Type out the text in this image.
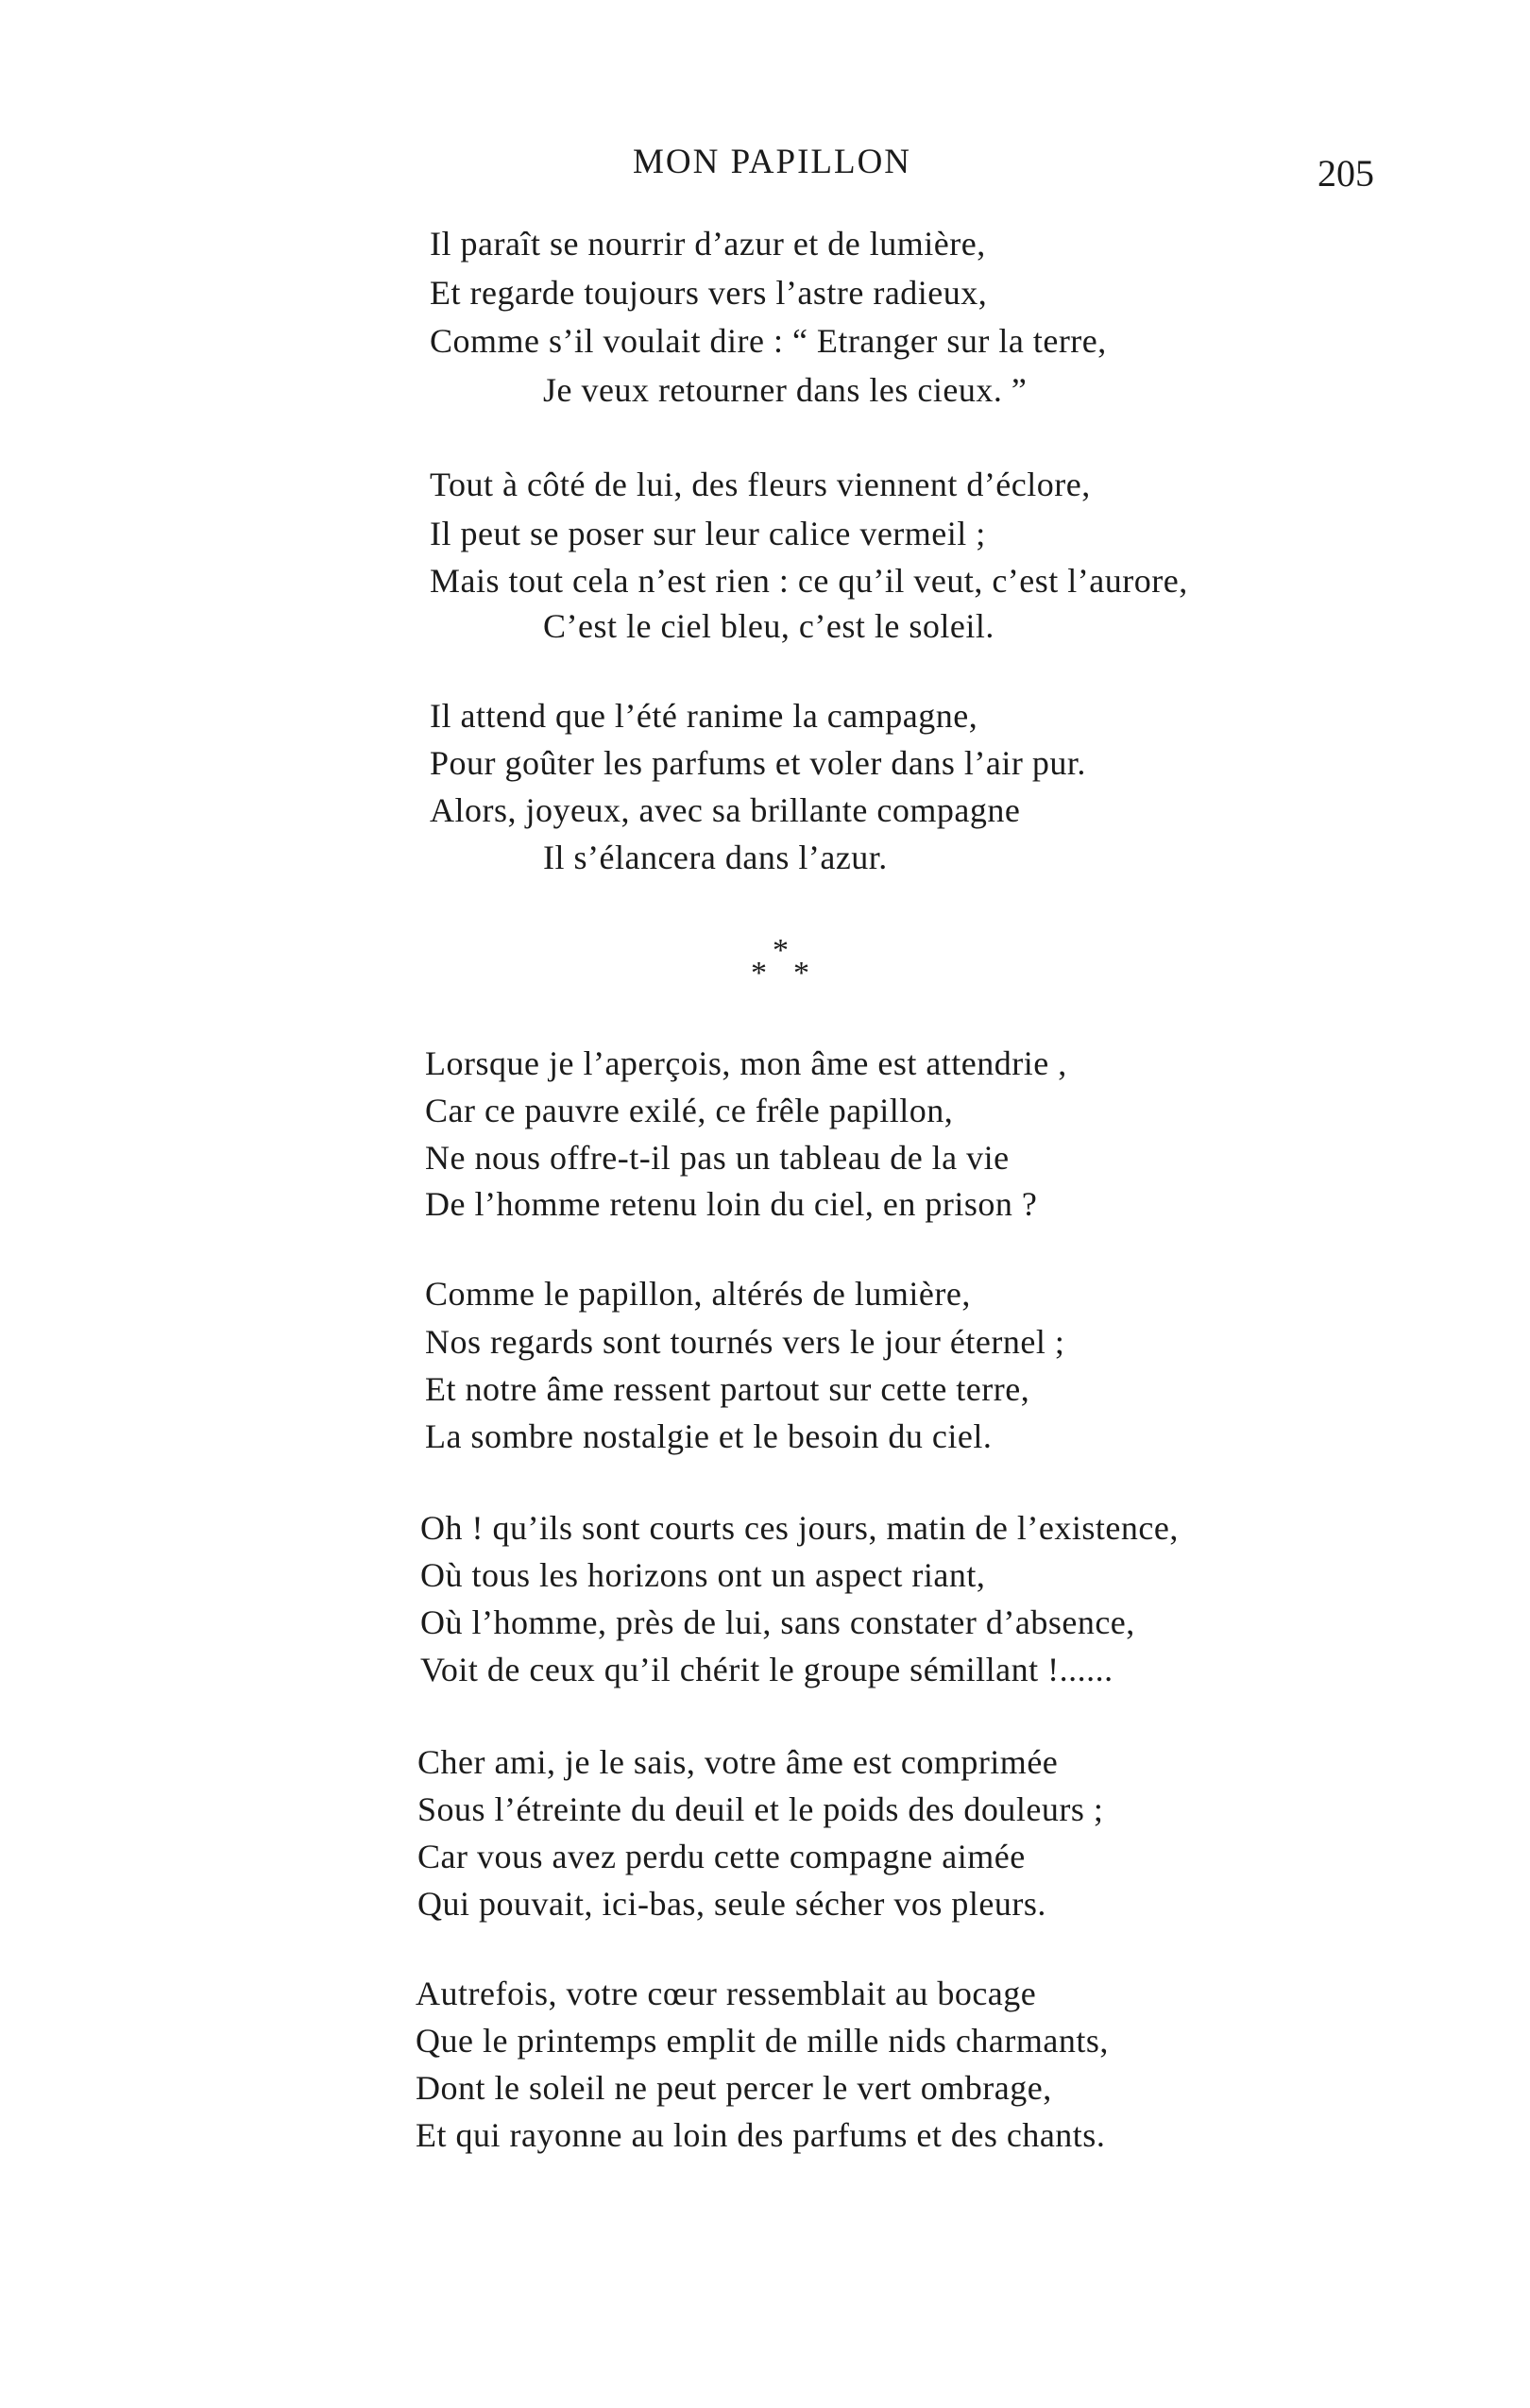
MON PAPILLON	205
Il paraît se nourrir d’azur et de lumière,
Et regarde toujours vers l’astre radieux,
Comme s’il voulait dire : “ Etranger sur la terre,
Je veux retourner dans les cieux. ”
Tout à côté de lui, des fleurs viennent d’éclore,
Il peut se poser sur leur calice vermeil ;
Mais tout cela n’est rien : ce qu’il veut, c’est l’aurore,
C’est le ciel bleu, c’est le soleil.
Il attend que l’été ranime la campagne,
Pour goûter les parfums et voler dans l’air pur.
Alors, joyeux, avec sa brillante compagne
Il s’élancera dans l’azur.
*
* *
Lorsque je l’aperçois, mon âme est attendrie ,
Car ce pauvre exilé, ce frêle papillon,
Ne nous offre-t-il pas un tableau de la vie
De l’homme retenu loin du ciel, en prison ?
Comme le papillon, altérés de lumière,
Nos regards sont tournés vers le jour éternel ;
Et notre âme ressent partout sur cette terre,
La sombre nostalgie et le besoin du ciel.
Oh ! qu’ils sont courts ces jours, matin de l’existence,
Où tous les horizons ont un aspect riant,
Où l’homme, près de lui, sans constater d’absence,
Voit de ceux qu’il chérit le groupe sémillant !......
Cher ami, je le sais, votre âme est comprimée
Sous l’étreinte du deuil et le poids des douleurs ;
Car vous avez perdu cette compagne aimée
Qui pouvait, ici-bas, seule sécher vos pleurs.
Autrefois, votre cœur ressemblait au bocage
Que le printemps emplit de mille nids charmants,
Dont le soleil ne peut percer le vert ombrage,
Et qui rayonne au loin des parfums et des chants.
